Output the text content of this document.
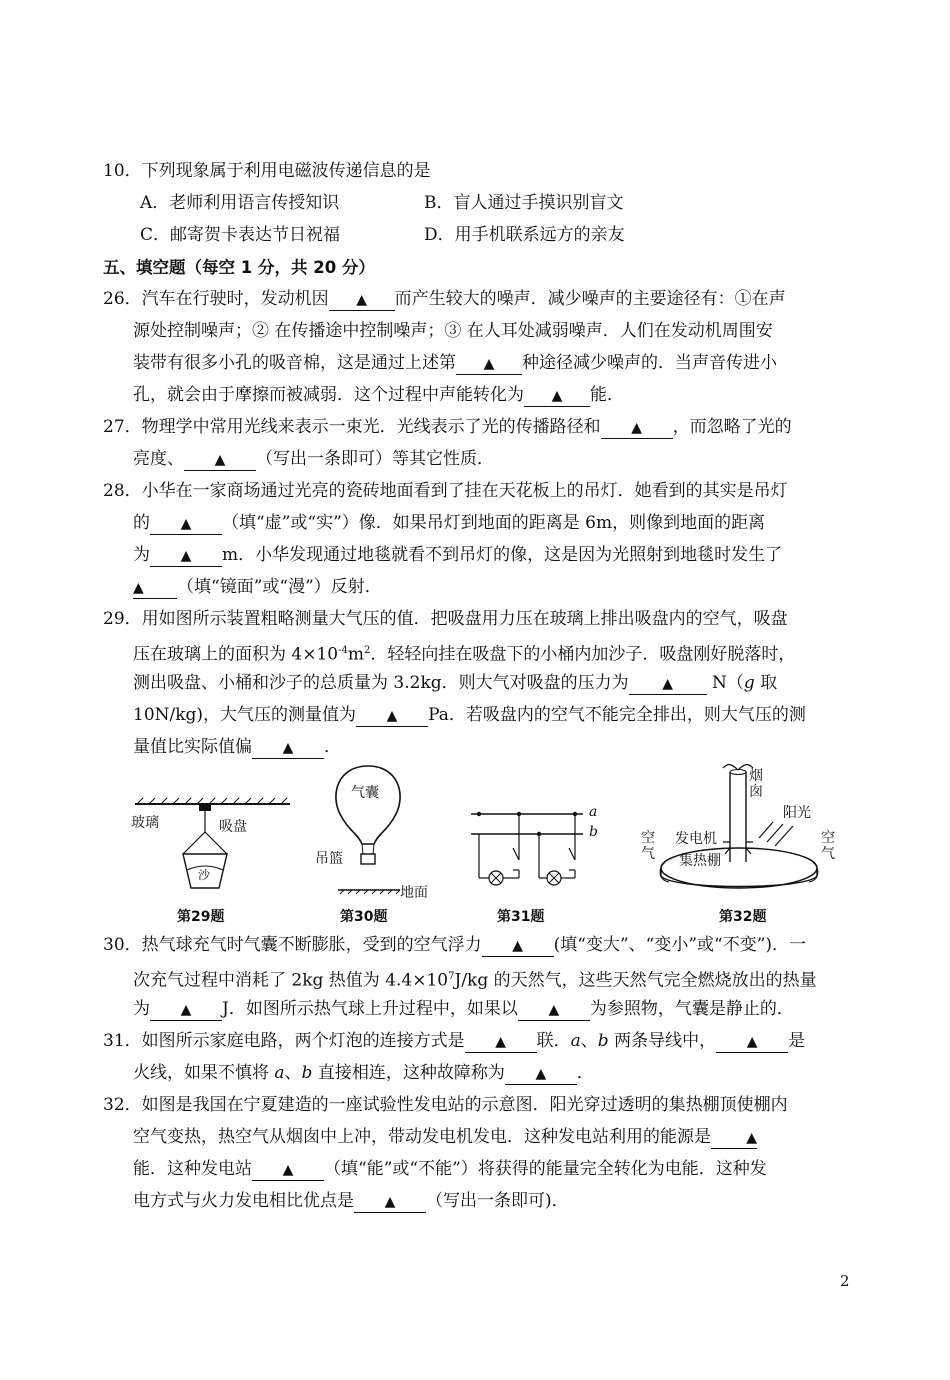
10．下列现象属于利用电磁波传递信息的是
A．老师利用语言传授知识	B．盲人通过手摸识别盲文
C．邮寄贺卡表达节日祝福	D．用手机联系远方的亲友
五、填空题（每空 1 分，共 20 分）
26．汽车在行驶时，发动机因 ▲ 而产生较大的噪声．减少噪声的主要途径有：①在声
源处控制噪声；② 在传播途中控制噪声；③ 在人耳处减弱噪声．人们在发动机周围安
装带有很多小孔的吸音棉，这是通过上述第 ▲ 种途径减少噪声的．当声音传进小
孔，就会由于摩擦而被减弱．这个过程中声能转化为 ▲ 能．
27．物理学中常用光线来表示一束光．光线表示了光的传播路径和 ▲ ，而忽略了光的
亮度、 ▲ （写出一条即可）等其它性质．
28．小华在一家商场通过光亮的瓷砖地面看到了挂在天花板上的吊灯．她看到的其实是吊灯
的 ▲ （填“虚”或“实”）像．如果吊灯到地面的距离是 6m，则像到地面的距离
为 ▲ m．小华发现通过地毯就看不到吊灯的像，这是因为光照射到地毯时发生了
▲ （填“镜面”或“漫”）反射．
29．用如图所示装置粗略测量大气压的值．把吸盘用力压在玻璃上排出吸盘内的空气，吸盘
压在玻璃上的面积为 $4\times 10^{-4}m^2$．轻轻向挂在吸盘下的小桶内加沙子．吸盘刚好脱落时，
测出吸盘、小桶和沙子的总质量为 3.2kg．则大气对吸盘的压力为 ▲ N（g 取
10N/kg)，大气压的测量值为 ▲ Pa．若吸盘内的空气不能完全排出，则大气压的测
量值比实际值偏 ▲ ．
玻璃	吸盘
沙
第29题
气囊
吊篮
地面
第30题
a
b
第31题
烟囱
发电机
阳光
空气
空气
集热棚
第32题
30．热气球充气时气囊不断膨胀，受到的空气浮力 ▲ (填“变大”、“变小”或“不变”)．一
次充气过程中消耗了 2kg 热值为 $4.4\times 10^7J/kg$ 的天然气，这些天然气完全燃烧放出的热量
为 ▲ J．如图所示热气球上升过程中，如果以 ▲ 为参照物，气囊是静止的．
31．如图所示家庭电路，两个灯泡的连接方式是 ▲ 联．a、b 两条导线中， ▲ 是
火线，如果不慎将 a、b 直接相连，这种故障称为 ▲ ．
32．如图是我国在宁夏建造的一座试验性发电站的示意图．阳光穿过透明的集热棚顶使棚内
空气变热，热空气从烟囱中上冲，带动发电机发电．这种发电站利用的能源是	▲
能．这种发电站 ▲ （填“能”或“不能”）将获得的能量完全转化为电能．这种发
电方式与火力发电相比优点是 ▲ （写出一条即可)．
2
